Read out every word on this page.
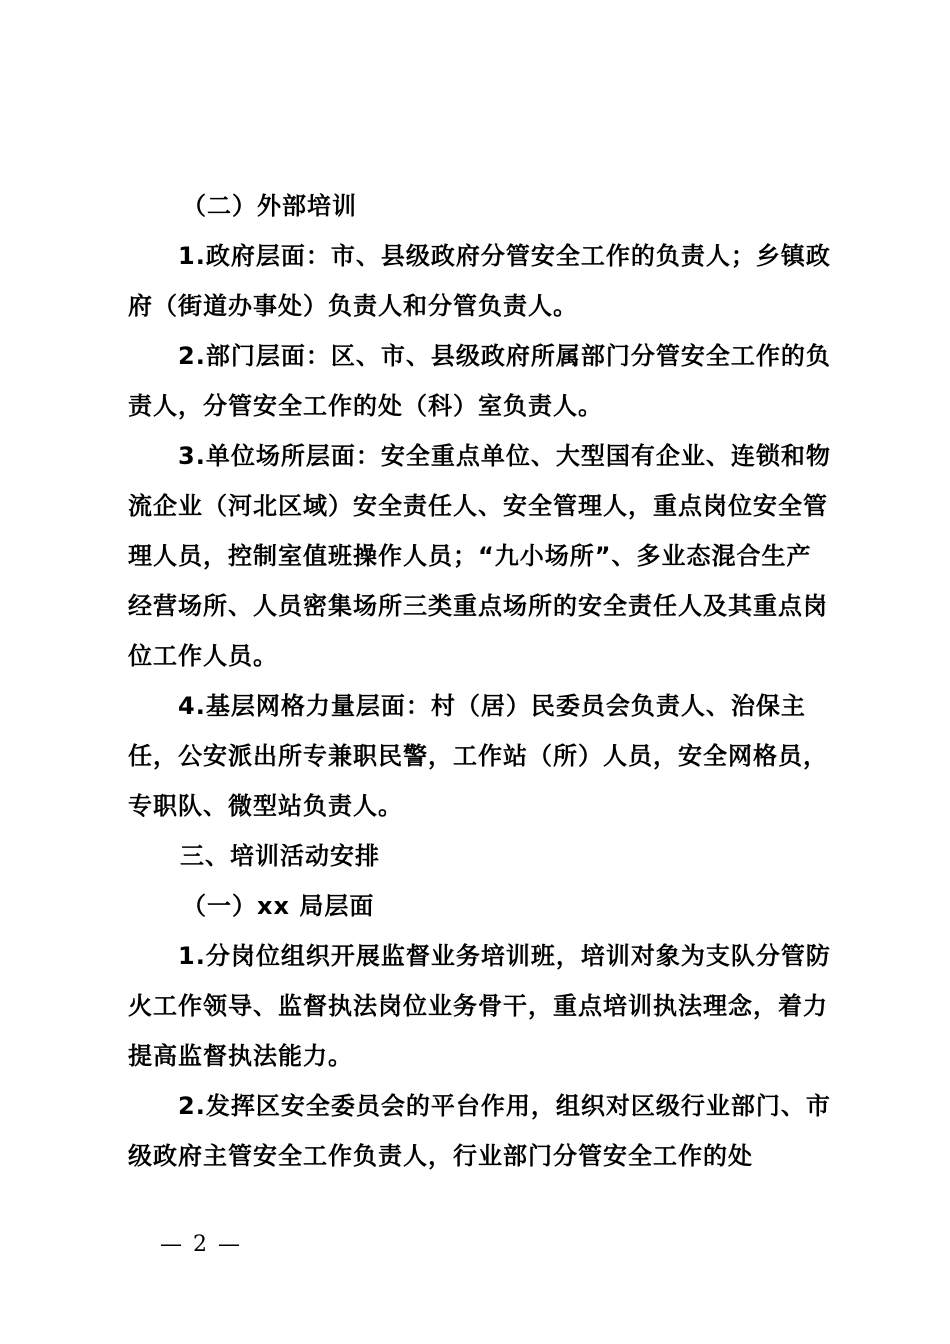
（二）外部培训

1.政府层面：市、县级政府分管安全工作的负责人；乡镇政府（街道办事处）负责人和分管负责人。

2.部门层面：区、市、县级政府所属部门分管安全工作的负责人，分管安全工作的处（科）室负责人。

3.单位场所层面：安全重点单位、大型国有企业、连锁和物流企业（河北区域）安全责任人、安全管理人，重点岗位安全管理人员，控制室值班操作人员；“九小场所”、多业态混合生产经营场所、人员密集场所三类重点场所的安全责任人及其重点岗位工作人员。

4.基层网格力量层面：村（居）民委员会负责人、治保主任，公安派出所专兼职民警，工作站（所）人员，安全网格员，专职队、微型站负责人。

三、培训活动安排

（一）xx 局层面

1.分岗位组织开展监督业务培训班，培训对象为支队分管防火工作领导、监督执法岗位业务骨干，重点培训执法理念，着力提高监督执法能力。

2.发挥区安全委员会的平台作用，组织对区级行业部门、市级政府主管安全工作负责人，行业部门分管安全工作的处

— 2 —
